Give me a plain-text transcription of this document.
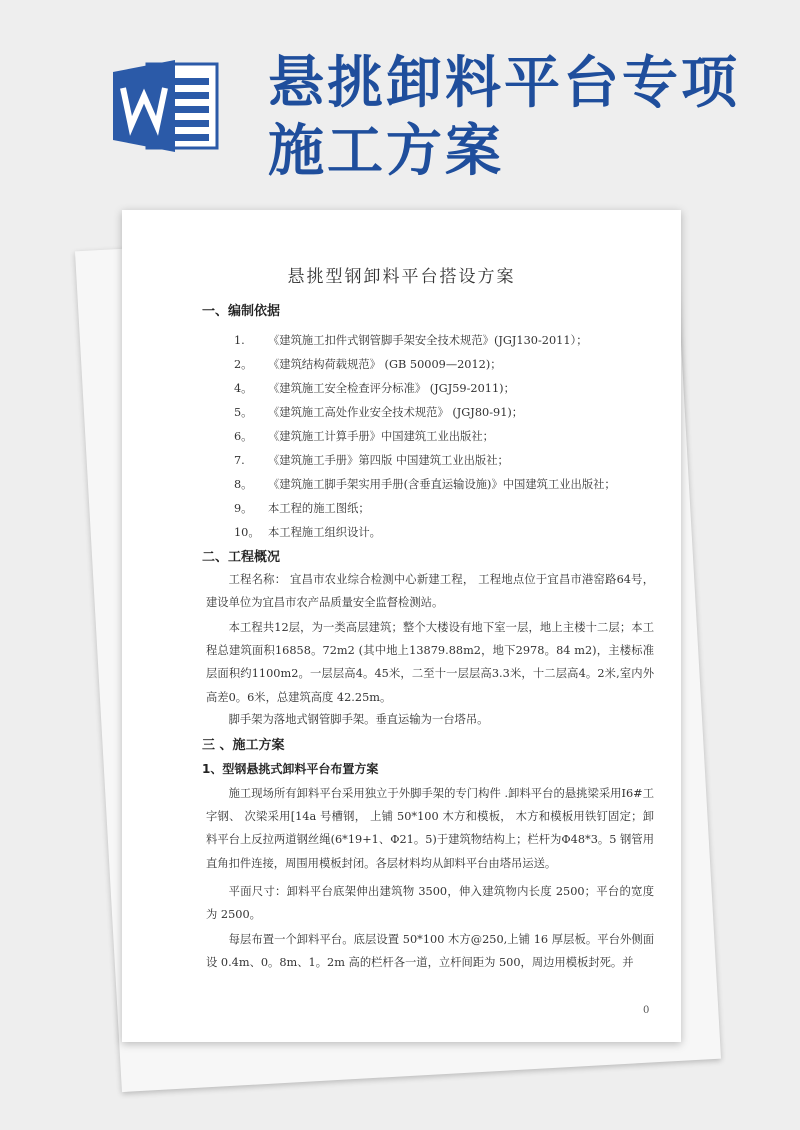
悬挑卸料平台专项
施工方案
悬挑型钢卸料平台搭设方案
一、编制依据
1. 《建筑施工扣件式钢管脚手架安全技术规范》(JGJ130-2011）；
2。 《建筑结构荷载规范》 (GB 50009—2012)；
4。 《建筑施工安全检查评分标准》 (JGJ59-2011)；
5。 《建筑施工高处作业安全技术规范》 (JGJ80-91)；
6。 《建筑施工计算手册》中国建筑工业出版社；
7. 《建筑施工手册》第四版 中国建筑工业出版社；
8。 《建筑施工脚手架实用手册(含垂直运输设施)》中国建筑工业出版社；
9。 本工程的施工图纸；
10。 本工程施工组织设计。
二、工程概况
工程名称： 宜昌市农业综合检测中心新建工程， 工程地点位于宜昌市港窑路64号，建设单位为宜昌市农产品质量安全监督检测站。
本工程共12层，为一类高层建筑；整个大楼设有地下室一层，地上主楼十二层；本工程总建筑面积16858。72m2 (其中地上13879.88m2，地下2978。84 m2)，主楼标准层面积约1100m2。一层层高4。45米，二至十一层层高3.3米，十二层高4。2米,室内外高差0。6米，总建筑高度 42.25m。
脚手架为落地式钢管脚手架。垂直运输为一台塔吊。
三 、施工方案
1、型钢悬挑式卸料平台布置方案
施工现场所有卸料平台采用独立于外脚手架的专门构件 .卸料平台的悬挑梁采用I6#工字钢、 次梁采用[14a 号槽钢， 上铺 50*100 木方和模板， 木方和模板用铁钉固定；卸料平台上反拉两道钢丝绳(6*19+1、Φ21。5)于建筑物结构上；栏杆为Φ48*3。5 钢管用直角扣件连接，周围用模板封闭。各层材料均从卸料平台由塔吊运送。
平面尺寸：卸料平台底架伸出建筑物 3500，伸入建筑物内长度 2500；平台的宽度为 2500。
每层布置一个卸料平台。底层设置 50*100 木方@250,上铺 16 厚层板。平台外侧面设 0.4m、0。8m、1。2m 高的栏杆各一道，立杆间距为 500，周边用模板封死。并
0
